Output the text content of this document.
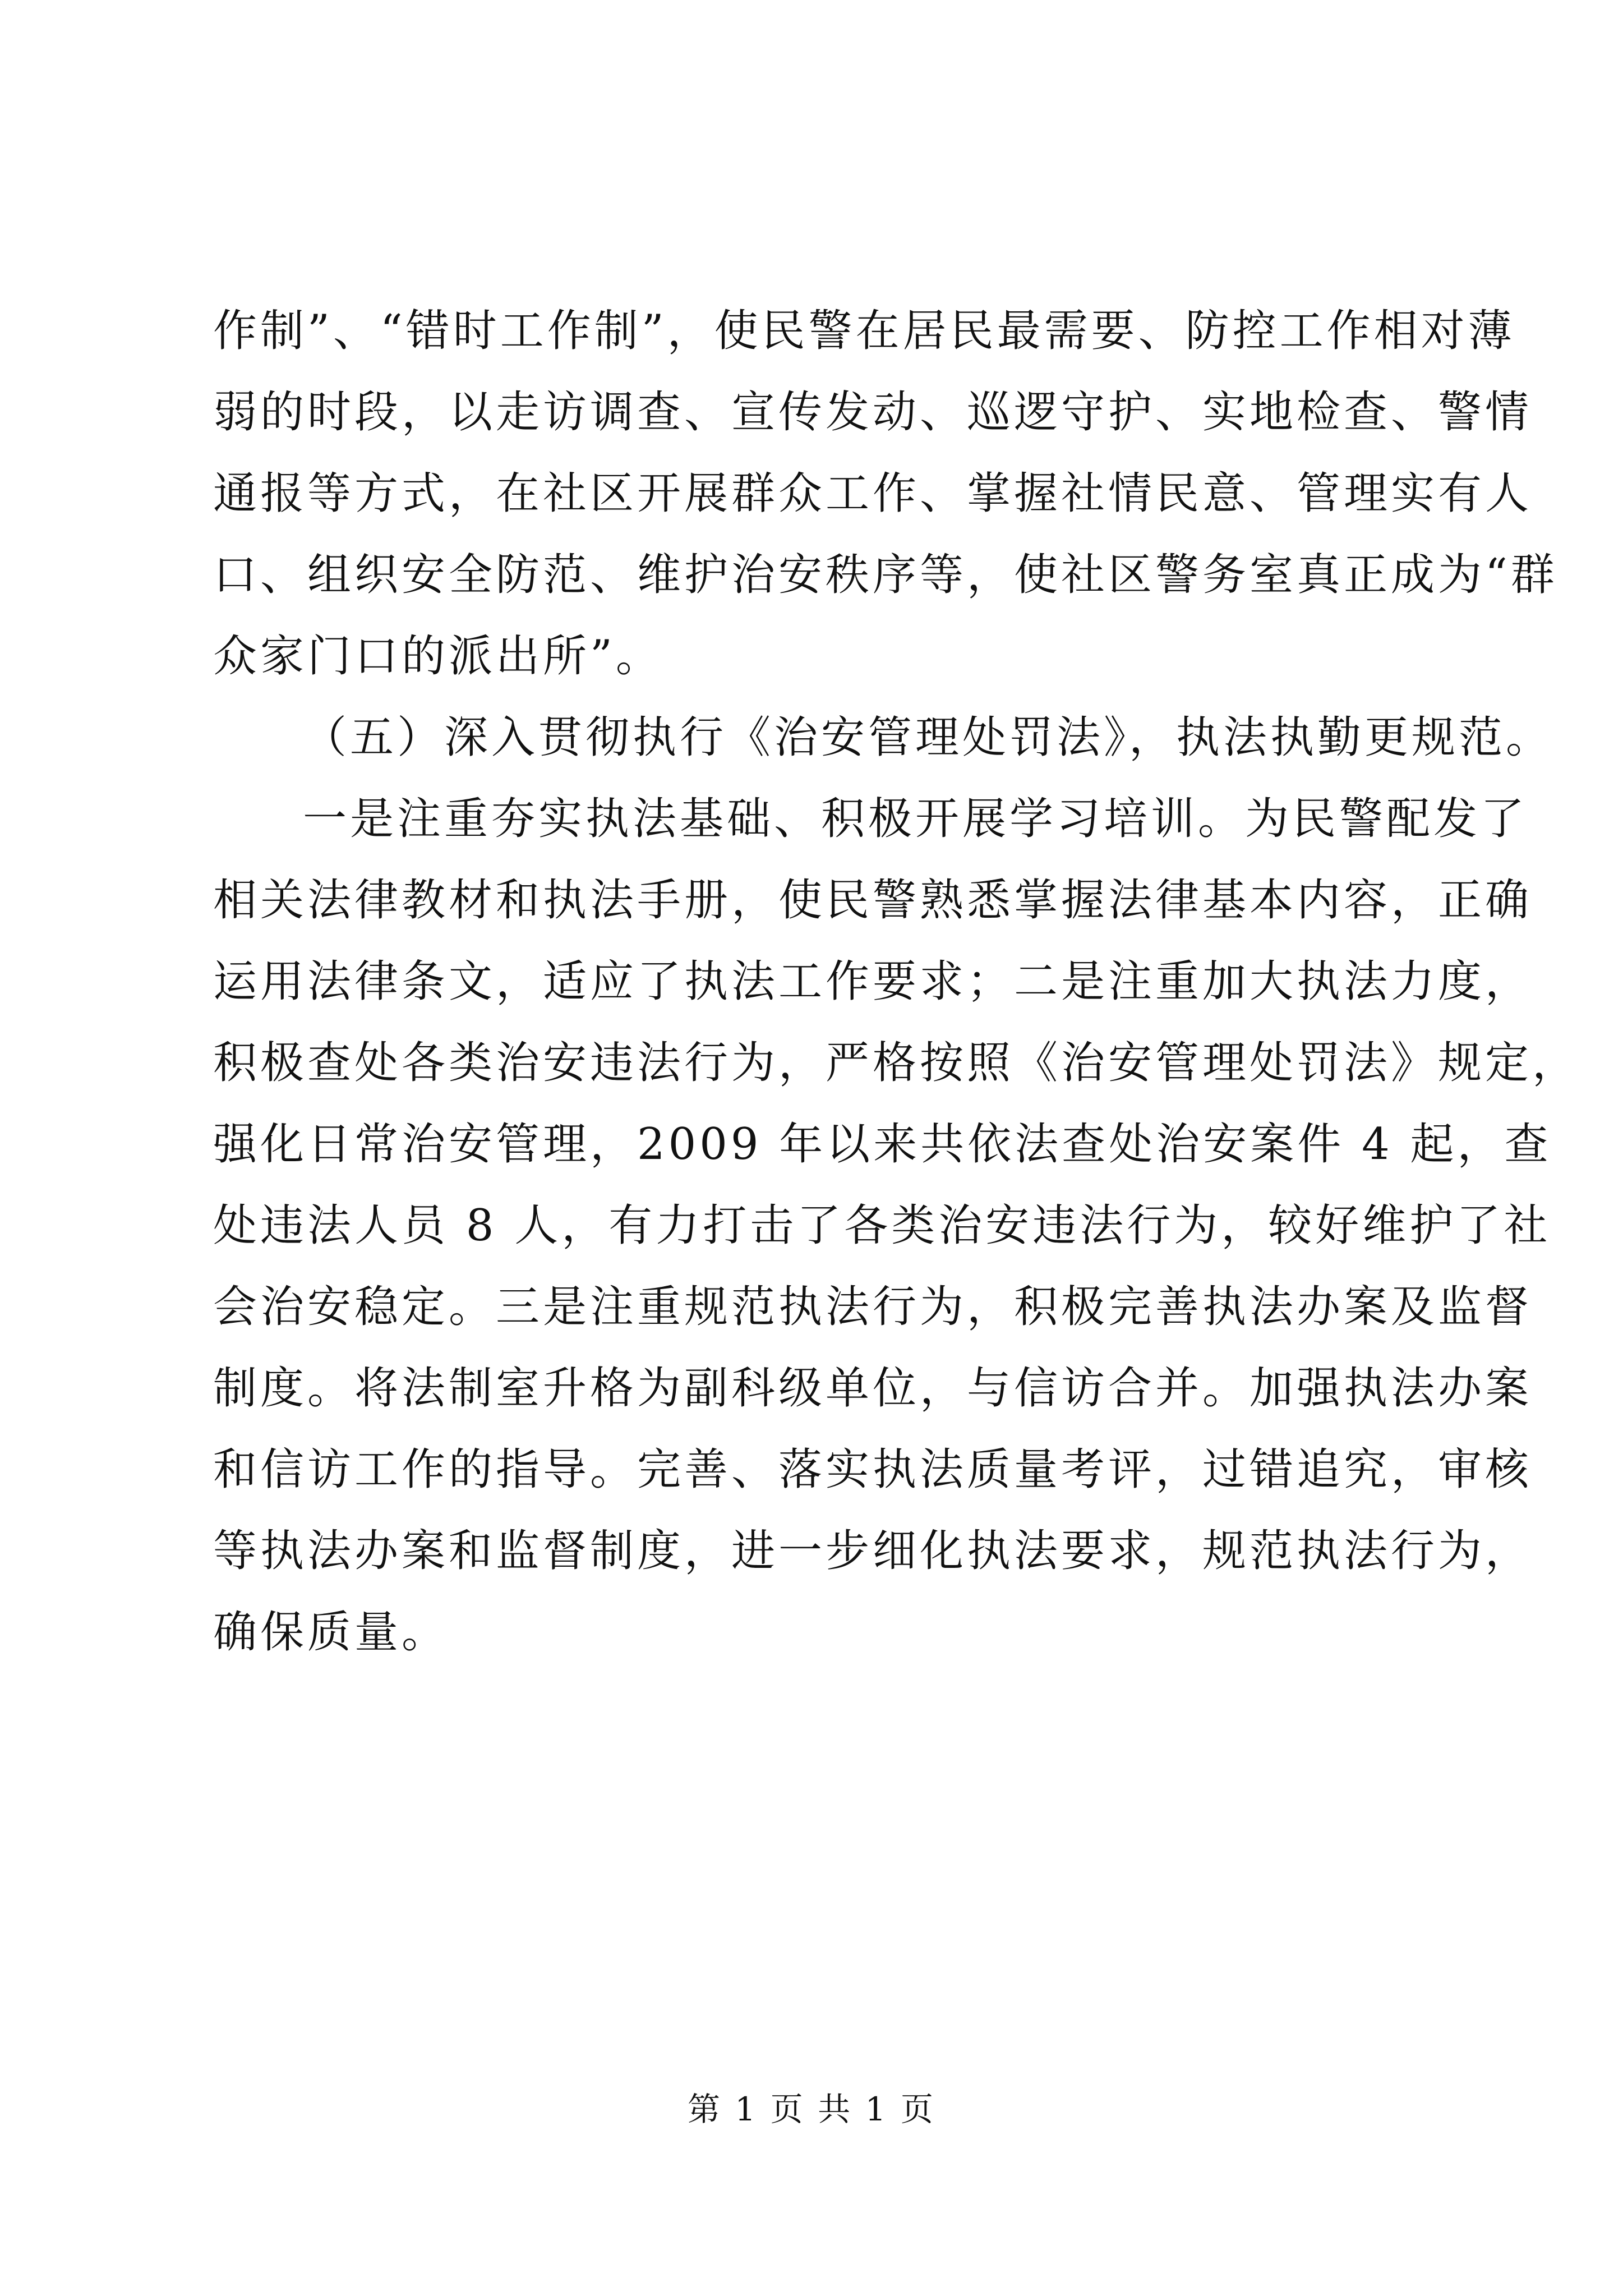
作制”、“错时工作制”，使民警在居民最需要、防控工作相对薄
弱的时段，以走访调查、宣传发动、巡逻守护、实地检查、警情
通报等方式，在社区开展群众工作、掌握社情民意、管理实有人
口、组织安全防范、维护治安秩序等，使社区警务室真正成为“群
众家门口的派出所”。
（五）深入贯彻执行《治安管理处罚法》，执法执勤更规范。
一是注重夯实执法基础、积极开展学习培训。为民警配发了
相关法律教材和执法手册，使民警熟悉掌握法律基本内容，正确
运用法律条文，适应了执法工作要求；二是注重加大执法力度，
积极查处各类治安违法行为，严格按照《治安管理处罚法》规定，
强化日常治安管理，2009 年以来共依法查处治安案件 4 起，查
处违法人员 8 人，有力打击了各类治安违法行为，较好维护了社
会治安稳定。三是注重规范执法行为，积极完善执法办案及监督
制度。将法制室升格为副科级单位，与信访合并。加强执法办案
和信访工作的指导。完善、落实执法质量考评，过错追究，审核
等执法办案和监督制度，进一步细化执法要求，规范执法行为，
确保质量。
第 1 页 共 1 页
